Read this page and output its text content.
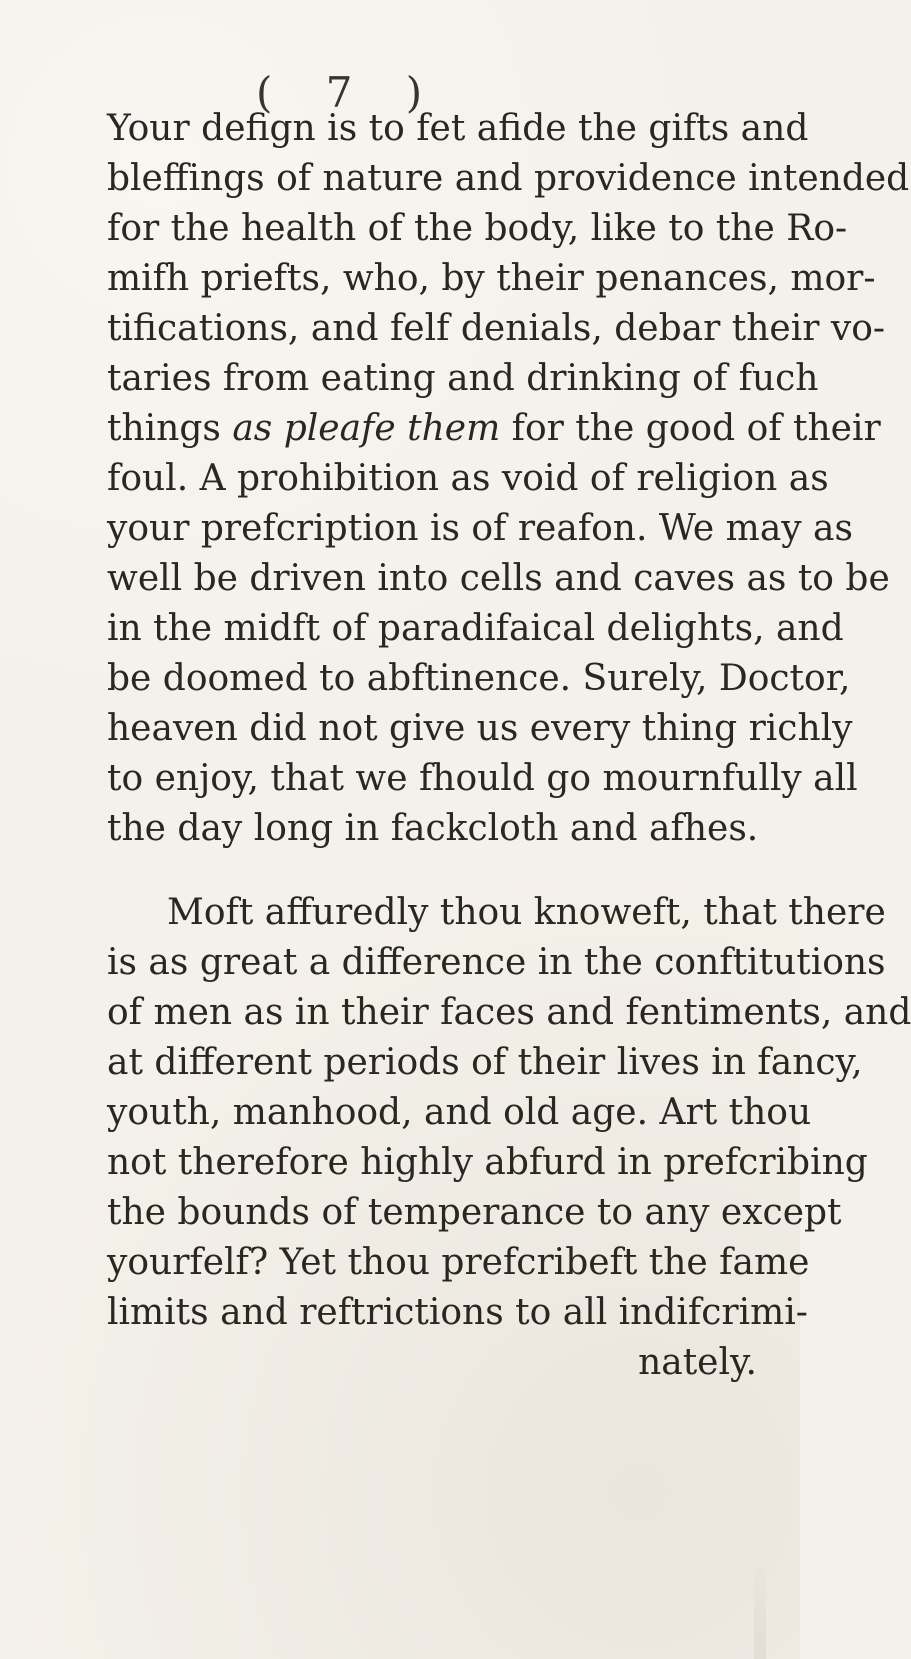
( 7 )
Your defign is to fet afide the gifts and
bleffings of nature and providence intended
for the health of the body, like to the Ro-
mifh priefts, who, by their penances, mor-
tifications, and felf denials, debar their vo-
taries from eating and drinking of fuch
things as pleafe them for the good of their
foul. A prohibition as void of religion as
your prefcription is of reafon. We may as
well be driven into cells and caves as to be
in the midft of paradifaical delights, and
be doomed to abftinence. Surely, Doctor,
heaven did not give us every thing richly
to enjoy, that we fhould go mournfully all
the day long in fackcloth and afhes.
Moft affuredly thou knoweft, that there
is as great a difference in the conftitutions
of men as in their faces and fentiments, and
at different periods of their lives in fancy,
youth, manhood, and old age. Art thou
not therefore highly abfurd in prefcribing
the bounds of temperance to any except
yourfelf? Yet thou prefcribeft the fame
limits and reftrictions to all indifcrimi-
nately.
